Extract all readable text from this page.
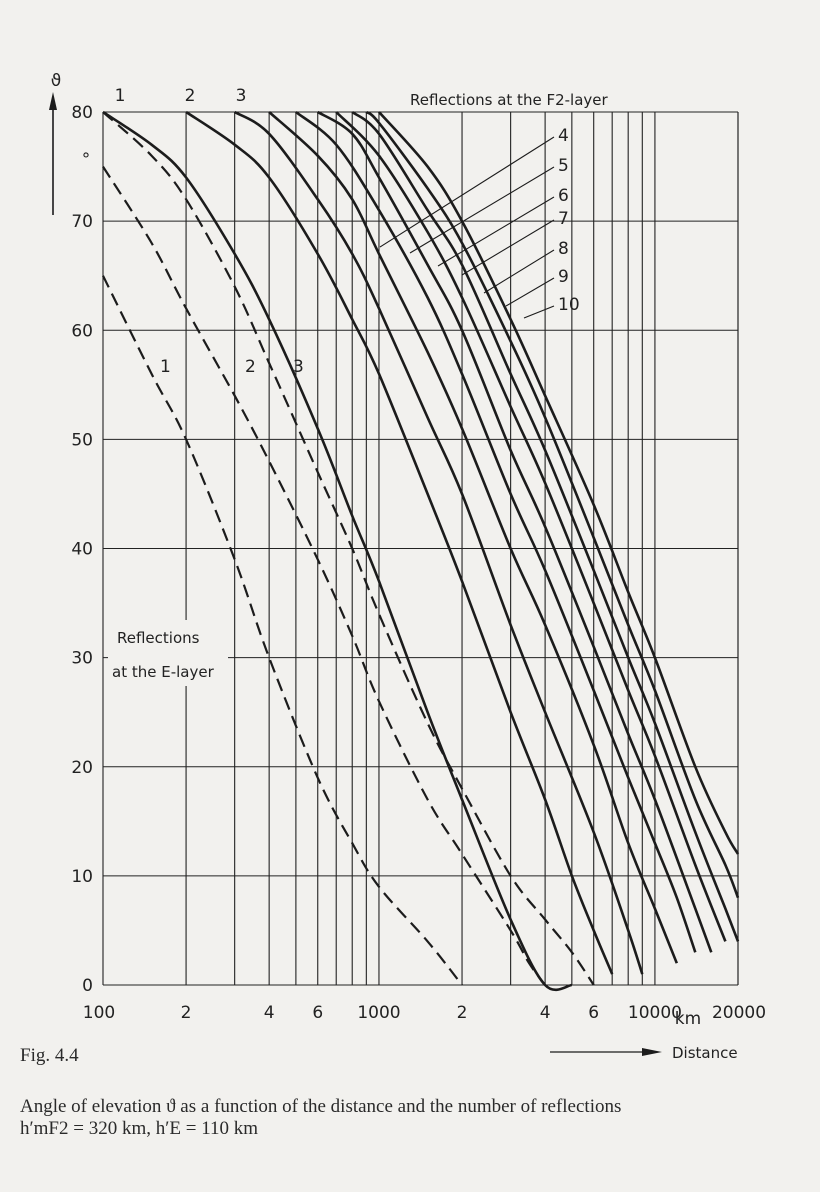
0
10
20
30
40
50
60
70
80
°
ϑ
100	2	4 6 1000	2	4 6 10000 20000
km
Distance
1	2 3	Reflections at the F2-layer
4
5
6
7
8
9
10
1	2 3
Reflections
at the E-layer
Fig. 4.4
Angle of elevation ϑ as a function of the distance and the number of reflections
h′mF2 = 320 km, h′E = 110 km
